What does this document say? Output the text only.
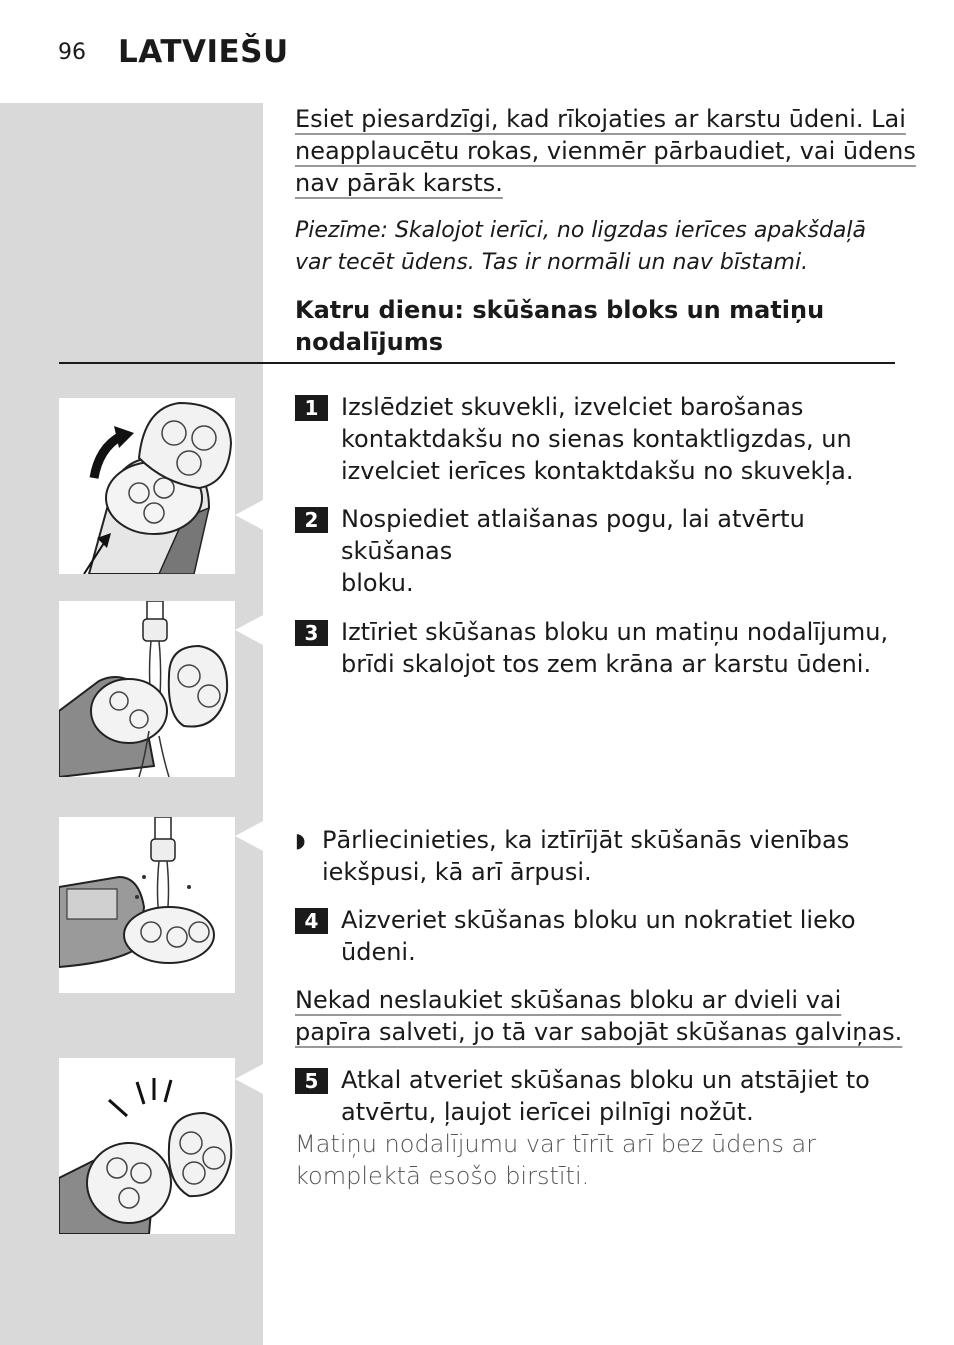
96 LATVIEŠU
Esiet piesardzīgi, kad rīkojaties ar karstu ūdeni. Lai
neapplaucētu rokas, vienmēr pārbaudiet, vai ūdens
nav pārāk karsts.
Piezīme: Skalojot ierīci, no ligzdas ierīces apakšdaļā
var tecēt ūdens. Tas ir normāli un nav bīstami.
Katru dienu: skūšanas bloks un matiņu
nodalījums
1 Izslēdziet skuvekli, izvelciet barošanas
kontaktdakšu no sienas kontaktligzdas, un
izvelciet ierīces kontaktdakšu no skuvekļa.
2 Nospiediet atlaišanas pogu, lai atvērtu skūšanas
bloku.
3 Iztīriet skūšanas bloku un matiņu nodalījumu,
brīdi skalojot tos zem krāna ar karstu ūdeni.
◗ Pārliecinieties, ka iztīrījāt skūšanās vienības
iekšpusi, kā arī ārpusi.
4 Aizveriet skūšanas bloku un nokratiet lieko
ūdeni.
Nekad neslaukiet skūšanas bloku ar dvieli vai
papīra salveti, jo tā var sabojāt skūšanas galviņas.
5 Atkal atveriet skūšanas bloku un atstājiet to
atvērtu, ļaujot ierīcei pilnīgi nožūt.
Matiņu nodalījumu var tīrīt arī bez ūdens ar
komplektā esošo birstīti.
